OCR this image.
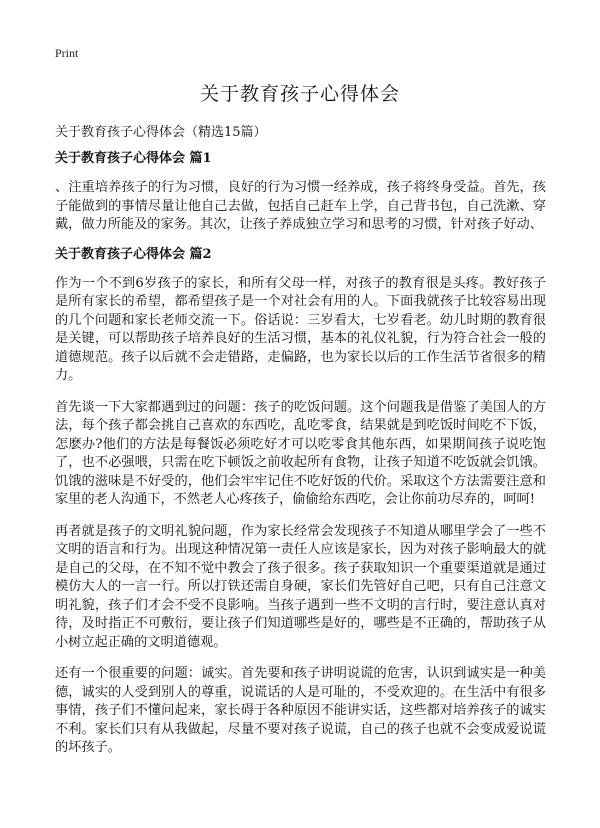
Print
关于教育孩子心得体会

关于教育孩子心得体会（精选15篇）

关于教育孩子心得体会 篇1

、注重培养孩子的行为习惯，良好的行为习惯一经养成，孩子将终身受益。首先，孩子能做到的事情尽量让他自己去做，包括自己赶车上学，自己背书包，自己洗漱、穿戴，做力所能及的家务。其次，让孩子养成独立学习和思考的习惯，针对孩子好动、

关于教育孩子心得体会 篇2

作为一个不到6岁孩子的家长，和所有父母一样，对孩子的教育很是头疼。教好孩子是所有家长的希望，都希望孩子是一个对社会有用的人。下面我就孩子比较容易出现的几个问题和家长老师交流一下。俗话说：三岁看大，七岁看老。幼儿时期的教育很是关键，可以帮助孩子培养良好的生活习惯，基本的礼仪礼貌，行为符合社会一般的道德规范。孩子以后就不会走错路，走偏路，也为家长以后的工作生活节省很多的精力。

首先谈一下大家都遇到过的问题：孩子的吃饭问题。这个问题我是借鉴了美国人的方法，每个孩子都会挑自己喜欢的东西吃，乱吃零食，结果就是到吃饭时间吃不下饭，怎麽办?他们的方法是每餐饭必须吃好才可以吃零食其他东西，如果期间孩子说吃饱了，也不必强喂，只需在吃下顿饭之前收起所有食物，让孩子知道不吃饭就会饥饿。饥饿的滋味是不好受的，他们会牢牢记住不吃好饭的代价。采取这个方法需要注意和家里的老人沟通下，不然老人心疼孩子，偷偷给东西吃，会让你前功尽弃的，呵呵!

再者就是孩子的文明礼貌问题，作为家长经常会发现孩子不知道从哪里学会了一些不文明的语言和行为。出现这种情况第一责任人应该是家长，因为对孩子影响最大的就是自己的父母，在不知不觉中教会了孩子很多。孩子获取知识一个重要渠道就是通过模仿大人的一言一行。所以打铁还需自身硬，家长们先管好自己吧，只有自己注意文明礼貌，孩子们才会不受不良影响。当孩子遇到一些不文明的言行时，要注意认真对待，及时指正不可敷衍，要让孩子们知道哪些是好的，哪些是不正确的，帮助孩子从小树立起正确的文明道德观。

还有一个很重要的问题：诚实。首先要和孩子讲明说谎的危害，认识到诚实是一种美德，诚实的人受到别人的尊重，说谎话的人是可耻的，不受欢迎的。在生活中有很多事情，孩子们不懂问起来，家长碍于各种原因不能讲实话，这些都对培养孩子的诚实不利。家长们只有从我做起，尽量不要对孩子说谎，自己的孩子也就不会变成爱说谎的坏孩子。
